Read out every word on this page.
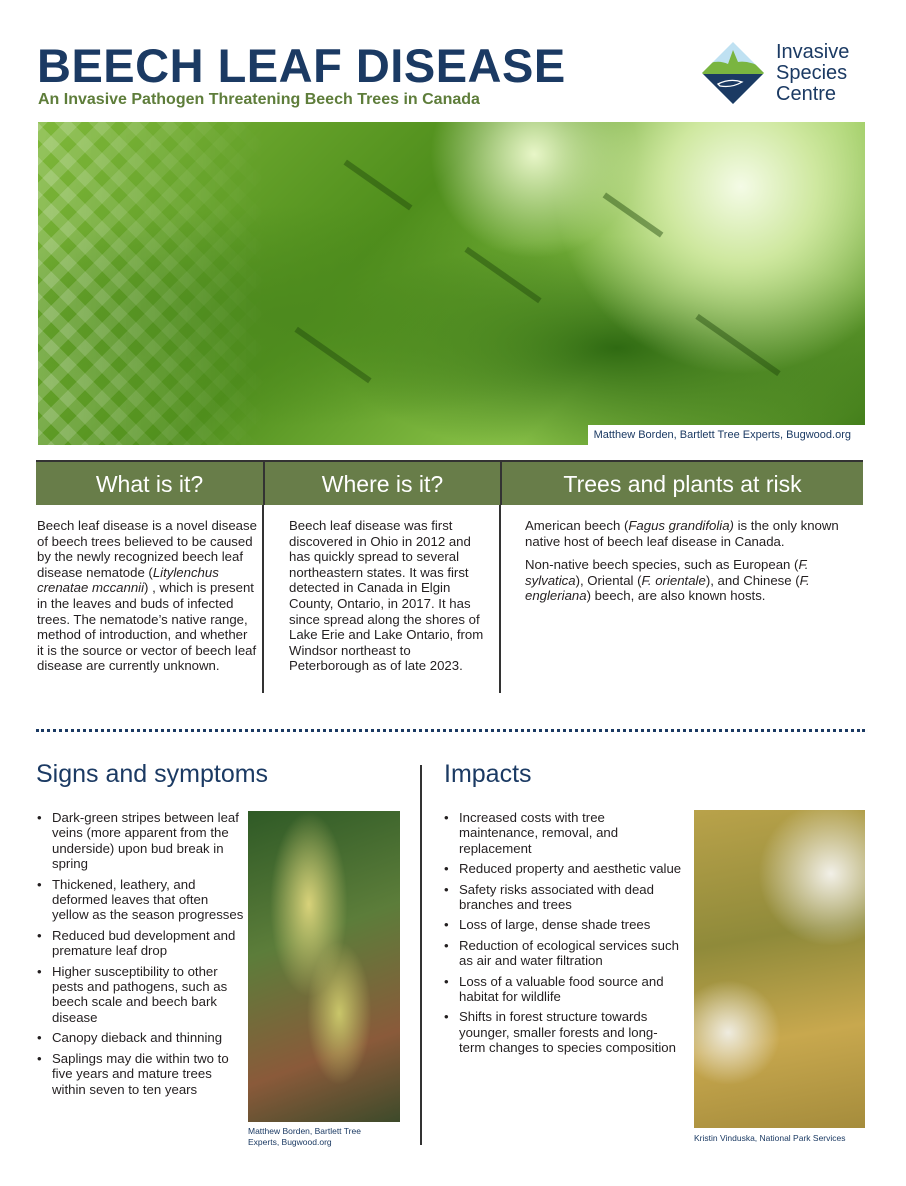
BEECH LEAF DISEASE
An Invasive Pathogen Threatening Beech Trees in Canada
Invasive
Species
Centre
Matthew Borden, Bartlett Tree Experts, Bugwood.org
What is it?	Where is it?	Trees and plants at risk
Beech leaf disease is a novel disease of beech trees believed to be caused by the newly recognized beech leaf disease nematode (Litylenchus crenatae mccannii) , which is present in the leaves and buds of infected trees. The nematode’s native range, method of introduction, and whether it is the source or vector of beech leaf disease are currently unknown.
Beech leaf disease was first discovered in Ohio in 2012 and has quickly spread to several northeastern states. It was first detected in Canada in Elgin County, Ontario, in 2017. It has since spread along the shores of Lake Erie and Lake Ontario, from Windsor northeast to Peterborough as of late 2023.

American beech (Fagus grandifolia) is the only known native host of beech leaf disease in Canada.

Non-native beech species, such as European (F. sylvatica), Oriental (F. orientale), and Chinese (F. engleriana) beech, are also known hosts.

Signs and symptoms
• Dark-green stripes between leaf veins (more apparent from the underside) upon bud break in spring
• Thickened, leathery, and deformed leaves that often yellow as the season progresses
• Reduced bud development and premature leaf drop
• Higher susceptibility to other pests and pathogens, such as beech scale and beech bark disease
• Canopy dieback and thinning
• Saplings may die within two to five years and mature trees within seven to ten years
Matthew Borden, Bartlett Tree Experts, Bugwood.org
Impacts
• Increased costs with tree maintenance, removal, and replacement
• Reduced property and aesthetic value
• Safety risks associated with dead branches and trees
• Loss of large, dense shade trees
• Reduction of ecological services such as air and water filtration
• Loss of a valuable food source and habitat for wildlife
• Shifts in forest structure towards younger, smaller forests and long-term changes to species composition
Kristin Vinduska, National Park Services
